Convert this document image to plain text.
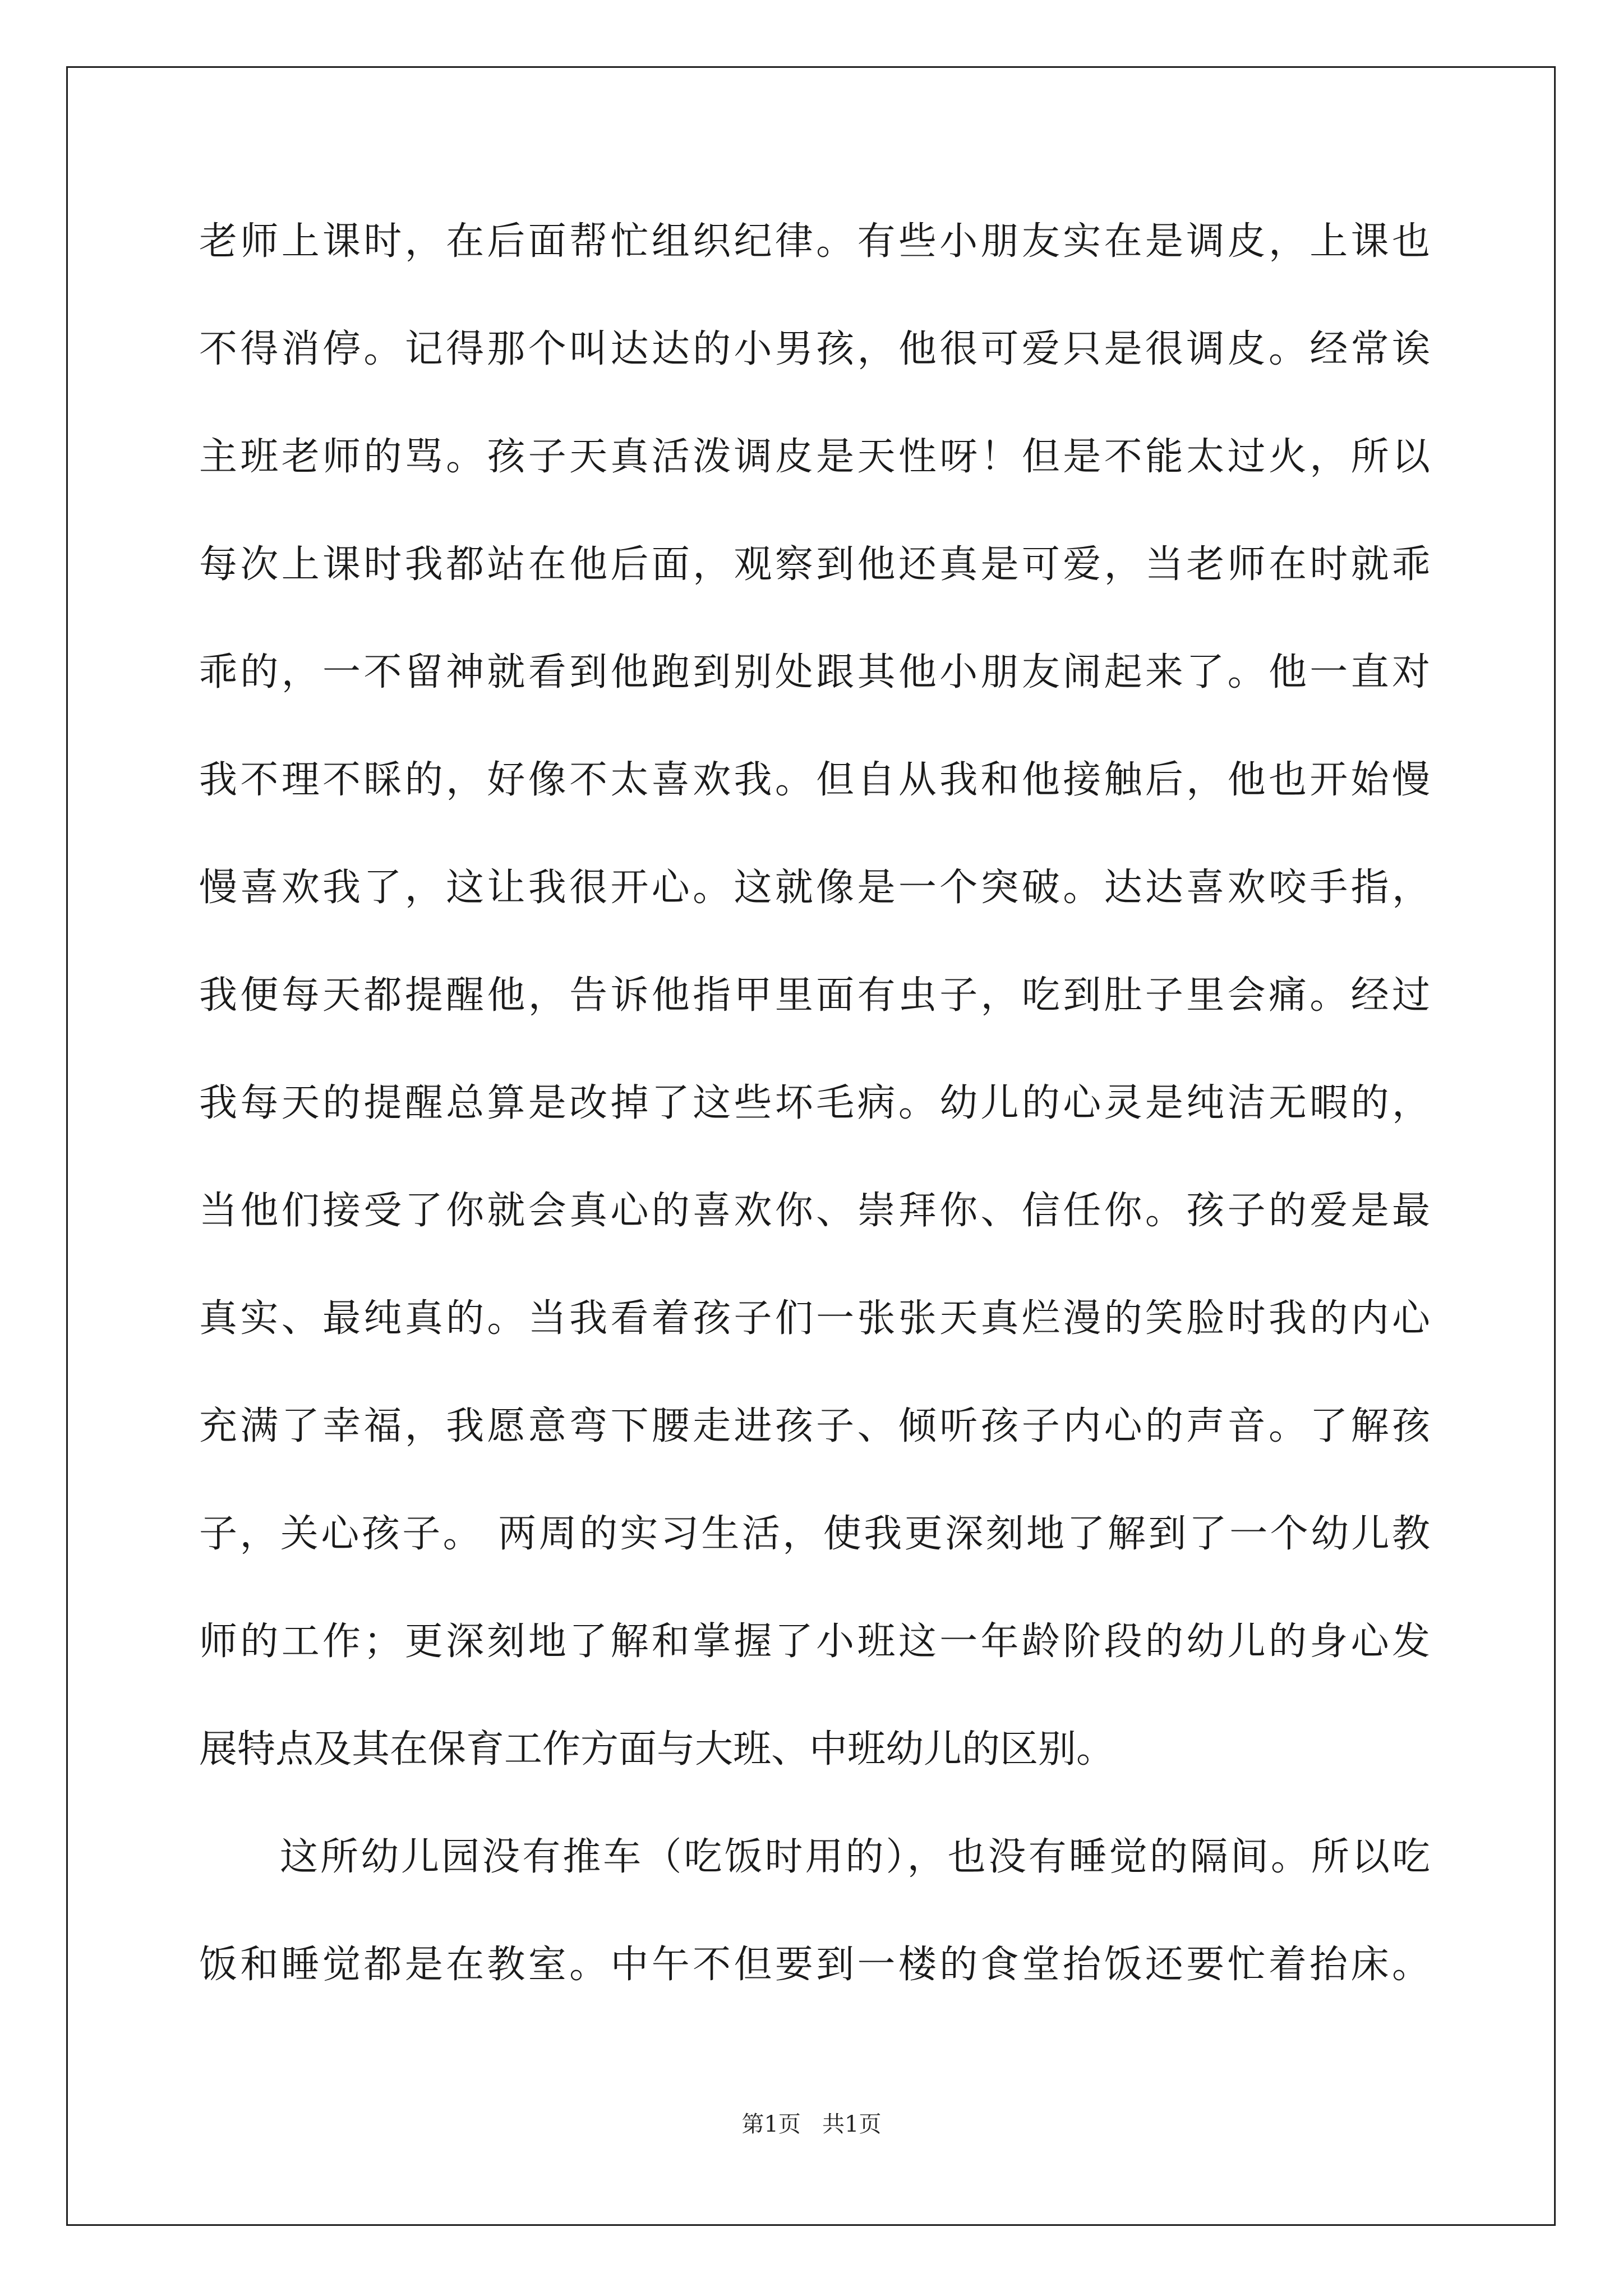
老师上课时，在后面帮忙组织纪律。有些小朋友实在是调皮，上课也
不得消停。记得那个叫达达的小男孩，他很可爱只是很调皮。经常诶
主班老师的骂。孩子天真活泼调皮是天性呀！但是不能太过火，所以
每次上课时我都站在他后面，观察到他还真是可爱，当老师在时就乖
乖的，一不留神就看到他跑到别处跟其他小朋友闹起来了。他一直对
我不理不睬的，好像不太喜欢我。但自从我和他接触后，他也开始慢
慢喜欢我了，这让我很开心。这就像是一个突破。达达喜欢咬手指，
我便每天都提醒他，告诉他指甲里面有虫子，吃到肚子里会痛。经过
我每天的提醒总算是改掉了这些坏毛病。幼儿的心灵是纯洁无暇的，
当他们接受了你就会真心的喜欢你、崇拜你、信任你。孩子的爱是最
真实、最纯真的。当我看着孩子们一张张天真烂漫的笑脸时我的内心
充满了幸福，我愿意弯下腰走进孩子、倾听孩子内心的声音。了解孩
子，关心孩子。 两周的实习生活，使我更深刻地了解到了一个幼儿教
师的工作；更深刻地了解和掌握了小班这一年龄阶段的幼儿的身心发
展特点及其在保育工作方面与大班、中班幼儿的区别。
这所幼儿园没有推车（吃饭时用的），也没有睡觉的隔间。所以吃
饭和睡觉都是在教室。中午不但要到一楼的食堂抬饭还要忙着抬床。
第1页   共1页
